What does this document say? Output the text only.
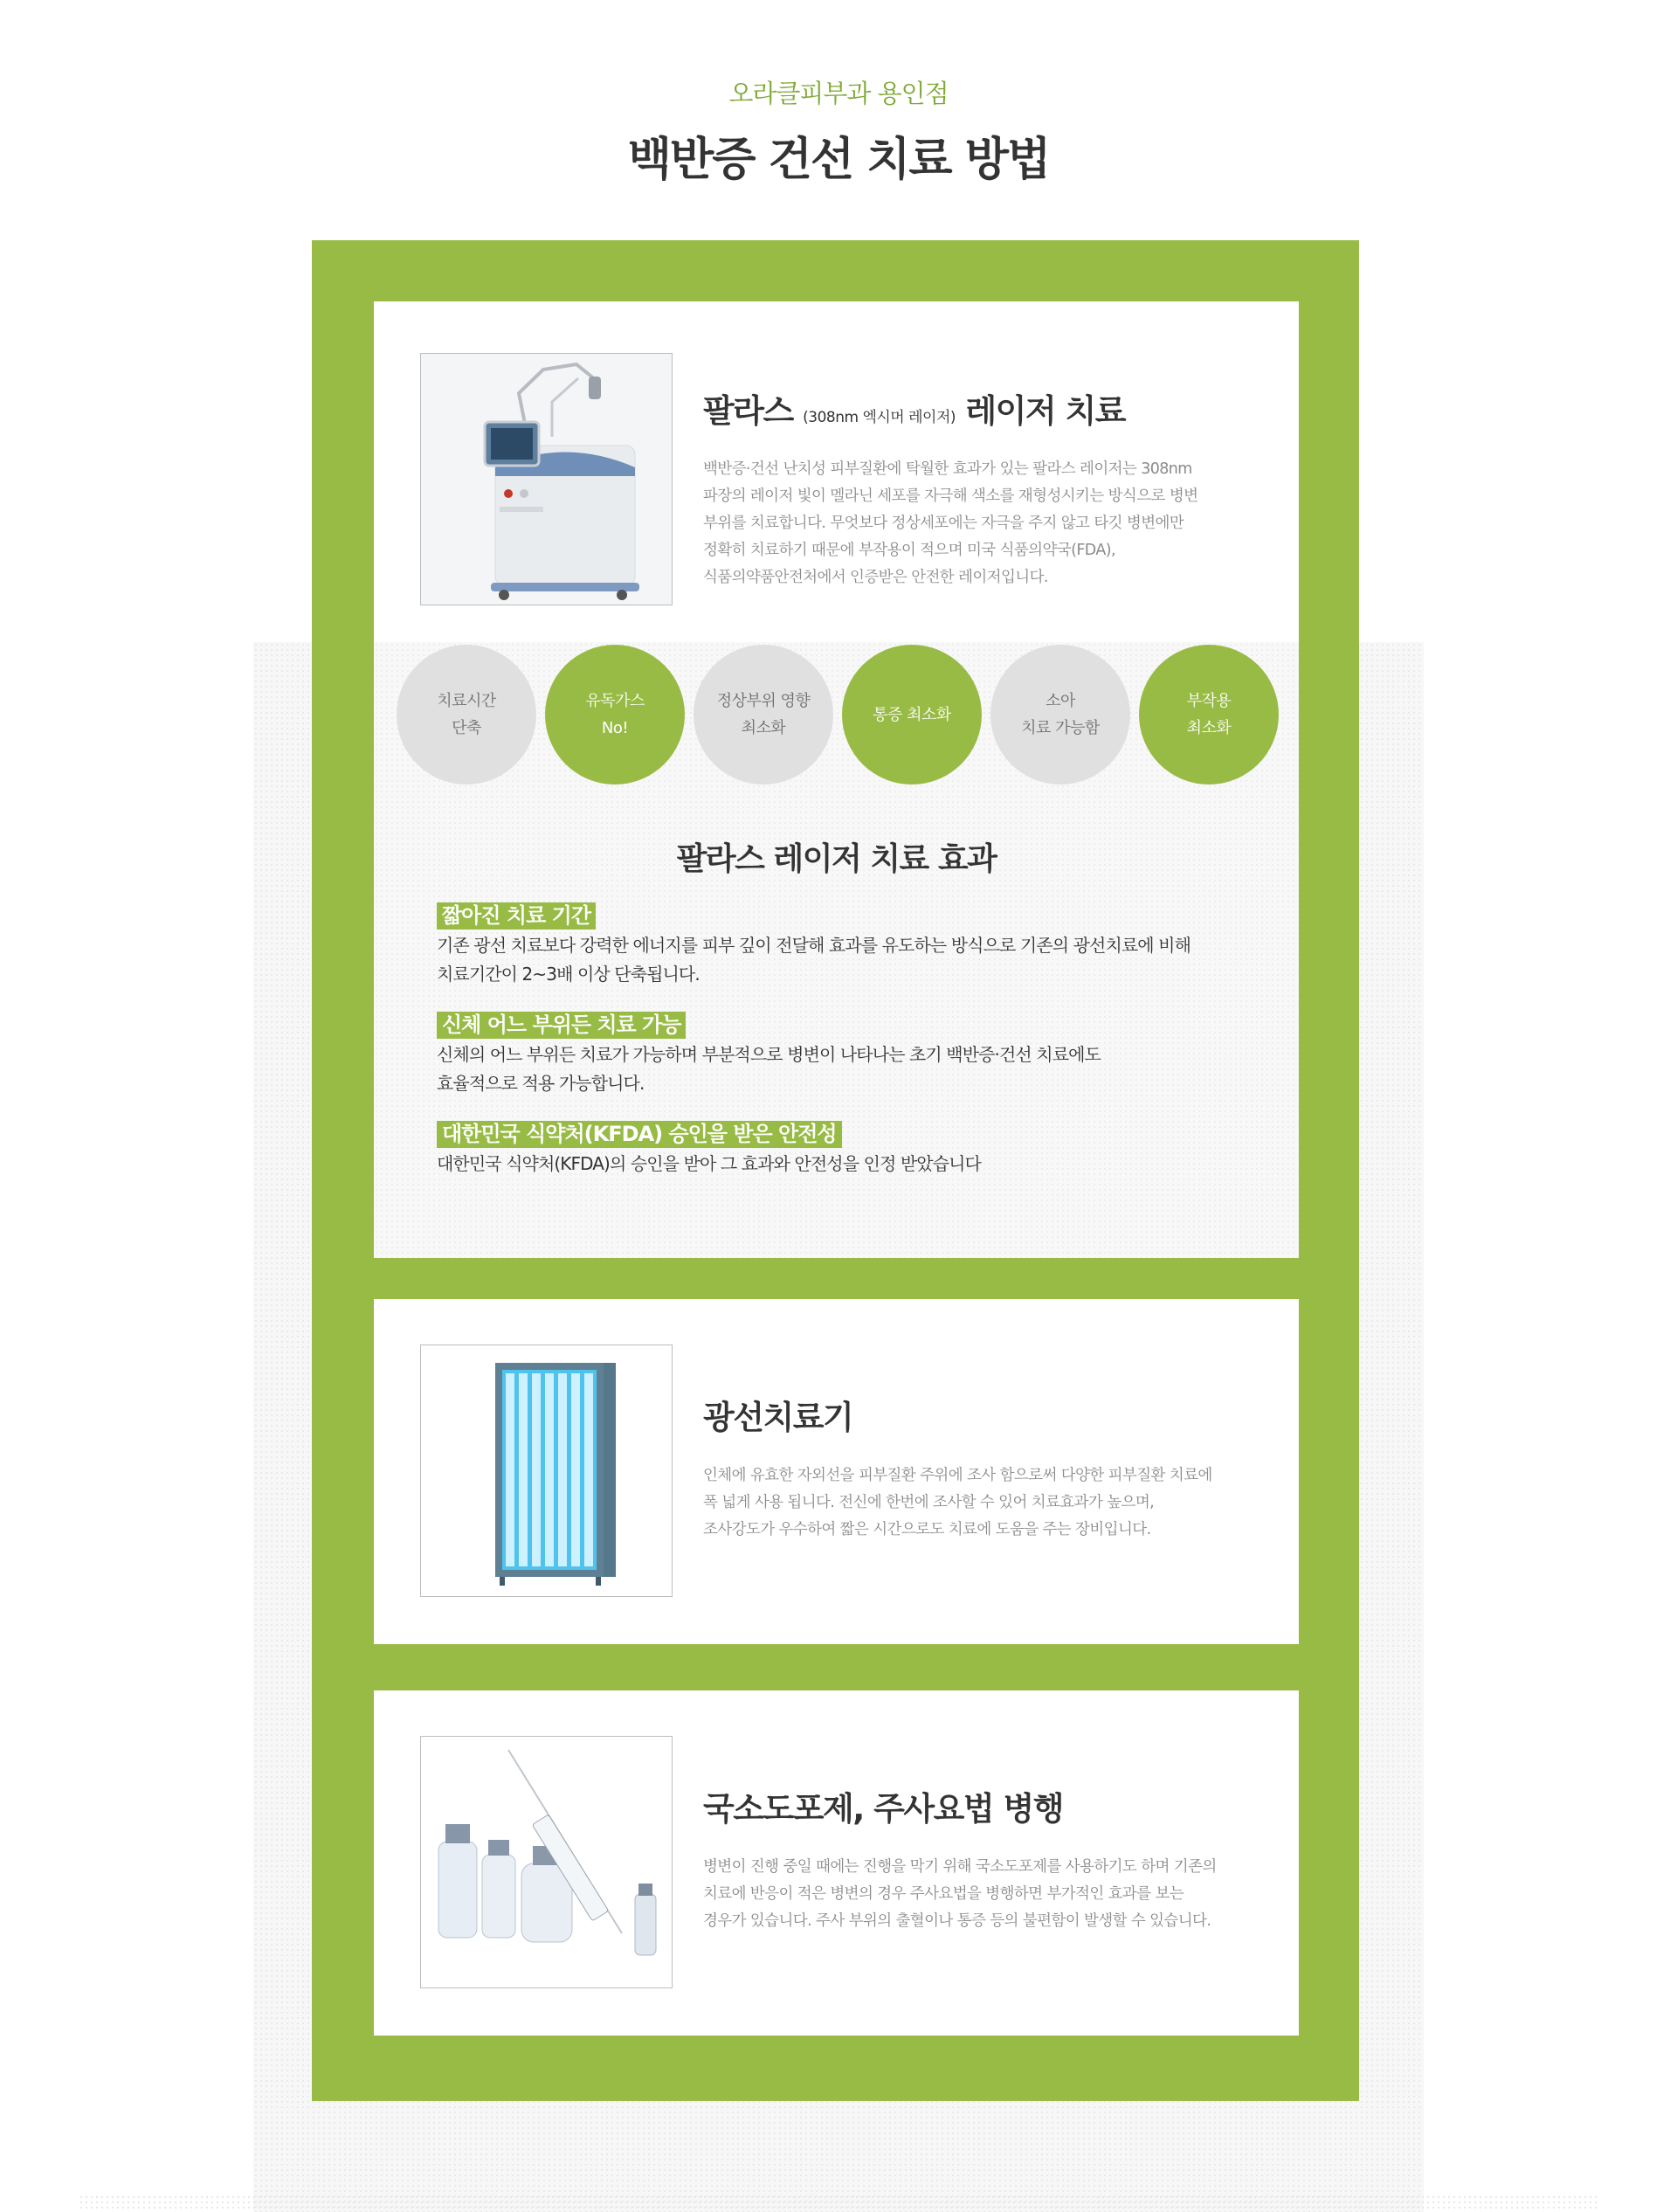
오라클피부과 용인점
백반증 건선 치료 방법
팔라스 (308nm 엑시머 레이저) 레이저 치료

백반증·건선 난치성 피부질환에 탁월한 효과가 있는 팔라스 레이저는 308nm
파장의 레이저 빛이 멜라닌 세포를 자극해 색소를 재형성시키는 방식으로 병변
부위를 치료합니다. 무엇보다 정상세포에는 자극을 주지 않고 타깃 병변에만
정확히 치료하기 때문에 부작용이 적으며 미국 식품의약국(FDA),
식품의약품안전처에서 인증받은 안전한 레이저입니다.

치료시간
단축
유독가스
No!
정상부위 영향
최소화
통증 최소화
소아
치료 가능함
부작용
최소화
팔라스 레이저 치료 효과
짧아진 치료 기간
기존 광선 치료보다 강력한 에너지를 피부 깊이 전달해 효과를 유도하는 방식으로 기존의 광선치료에 비해
치료기간이 2~3배 이상 단축됩니다.
신체 어느 부위든 치료 가능
신체의 어느 부위든 치료가 가능하며 부분적으로 병변이 나타나는 초기 백반증·건선 치료에도
효율적으로 적용 가능합니다.
대한민국 식약처(KFDA) 승인을 받은 안전성
대한민국 식약처(KFDA)의 승인을 받아 그 효과와 안전성을 인정 받았습니다
광선치료기

인체에 유효한 자외선을 피부질환 주위에 조사 함으로써 다양한 피부질환 치료에
폭 넓게 사용 됩니다. 전신에 한번에 조사할 수 있어 치료효과가 높으며,
조사강도가 우수하여 짧은 시간으로도 치료에 도움을 주는 장비입니다.

국소도포제, 주사요법 병행

병변이 진행 중일 때에는 진행을 막기 위해 국소도포제를 사용하기도 하며 기존의
치료에 반응이 적은 병변의 경우 주사요법을 병행하면 부가적인 효과를 보는
경우가 있습니다. 주사 부위의 출혈이나 통증 등의 불편함이 발생할 수 있습니다.
